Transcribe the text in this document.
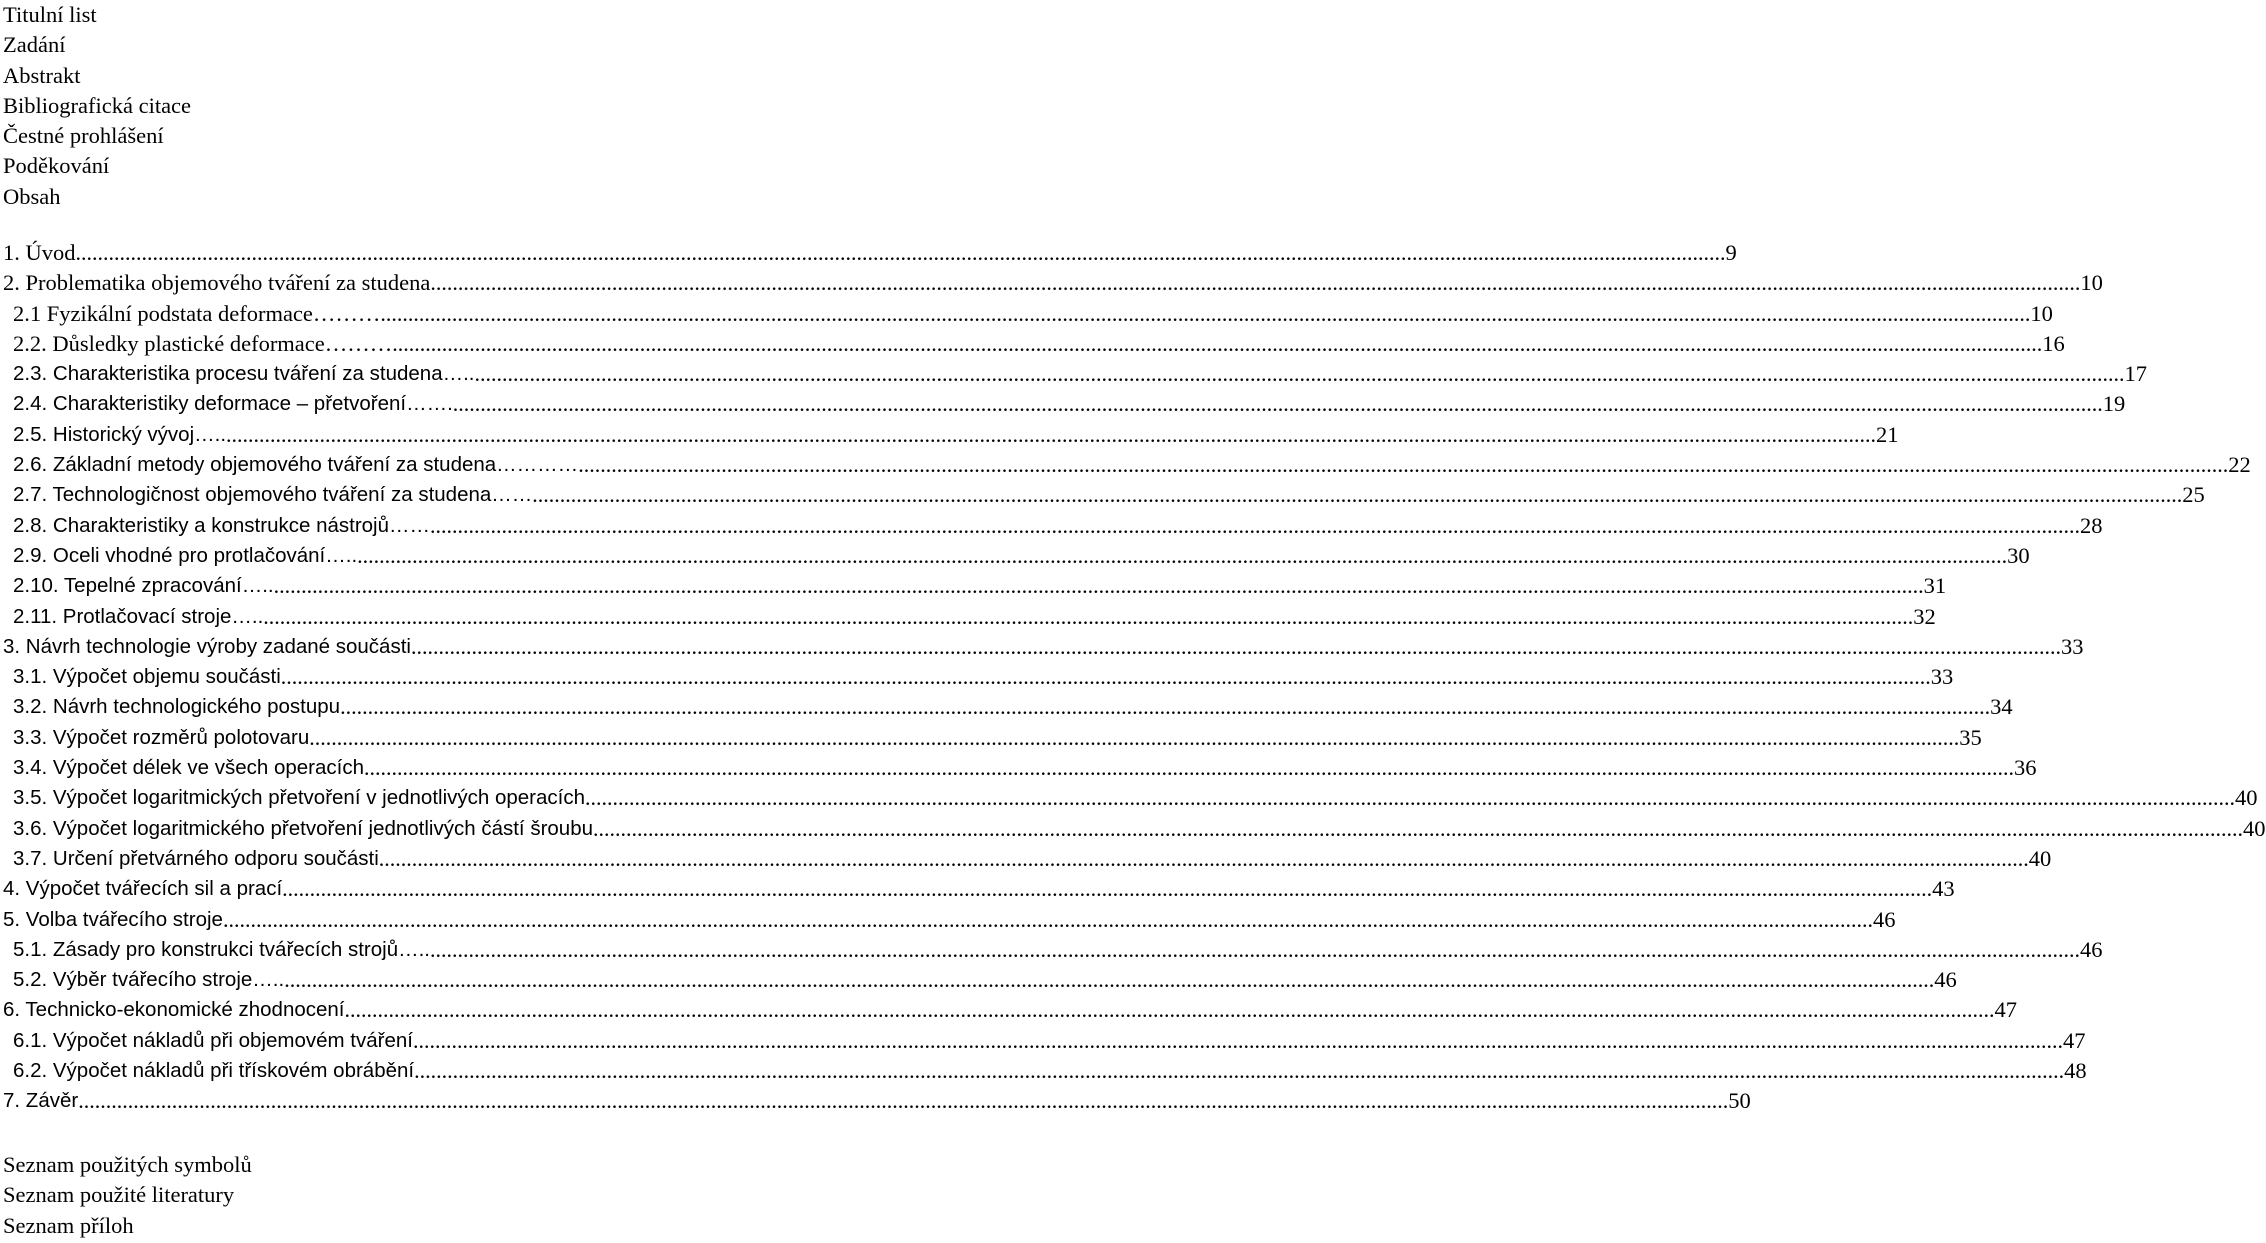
Titulní list
Zadání
Abstrakt
Bibliografická citace
Čestné prohlášení
Poděkování
Obsah
1. Úvod ............................................................................................................................................................................................................................................................................................................ 9
2. Problematika objemového tváření za studena ............................................................................................................................................................................................................................................................................................................ 10
2.1 Fyzikální podstata deformace……… ............................................................................................................................................................................................................................................................................................................ 10
2.2. Důsledky plastické deformace……… ............................................................................................................................................................................................................................................................................................................ 16
2.3. Charakteristika procesu tváření za studena….. ............................................................................................................................................................................................................................................................................................................ 17
2.4. Charakteristiky deformace – přetvoření……. ............................................................................................................................................................................................................................................................................................................ 19
2.5. Historický vývoj….. ............................................................................................................................................................................................................................................................................................................ 21
2.6. Základní metody objemového tváření za studena………… ............................................................................................................................................................................................................................................................................................................ 22
2.7. Technologičnost objemového tváření za studena…… ............................................................................................................................................................................................................................................................................................................ 25
2.8. Charakteristiky a konstrukce nástrojů…… ............................................................................................................................................................................................................................................................................................................ 28
2.9. Oceli vhodné pro protlačování….. ............................................................................................................................................................................................................................................................................................................ 30
2.10. Tepelné zpracování….. ............................................................................................................................................................................................................................................................................................................ 31
2.11. Protlačovací stroje….. ............................................................................................................................................................................................................................................................................................................ 32
3. Návrh technologie výroby zadané součásti ............................................................................................................................................................................................................................................................................................................ 33
3.1. Výpočet objemu součásti ............................................................................................................................................................................................................................................................................................................ 33
3.2. Návrh technologického postupu ............................................................................................................................................................................................................................................................................................................ 34
3.3. Výpočet rozměrů polotovaru ............................................................................................................................................................................................................................................................................................................ 35
3.4. Výpočet délek ve všech operacích ............................................................................................................................................................................................................................................................................................................ 36
3.5. Výpočet logaritmických přetvoření v jednotlivých operacích ............................................................................................................................................................................................................................................................................................................ 40
3.6. Výpočet logaritmického přetvoření jednotlivých částí šroubu ............................................................................................................................................................................................................................................................................................................ 40
3.7. Určení přetvárného odporu součásti ............................................................................................................................................................................................................................................................................................................ 40
4. Výpočet tvářecích sil a prací ............................................................................................................................................................................................................................................................................................................ 43
5. Volba tvářecího stroje ............................................................................................................................................................................................................................................................................................................ 46
5.1. Zásady pro konstrukci tvářecích strojů….. ............................................................................................................................................................................................................................................................................................................ 46
5.2. Výběr tvářecího stroje….. ............................................................................................................................................................................................................................................................................................................ 46
6. Technicko-ekonomické zhodnocení ............................................................................................................................................................................................................................................................................................................ 47
6.1. Výpočet nákladů při objemovém tváření ............................................................................................................................................................................................................................................................................................................ 47
6.2. Výpočet nákladů při třískovém obrábění ............................................................................................................................................................................................................................................................................................................ 48
7. Závěr ............................................................................................................................................................................................................................................................................................................ 50
Seznam použitých symbolů
Seznam použité literatury
Seznam příloh
